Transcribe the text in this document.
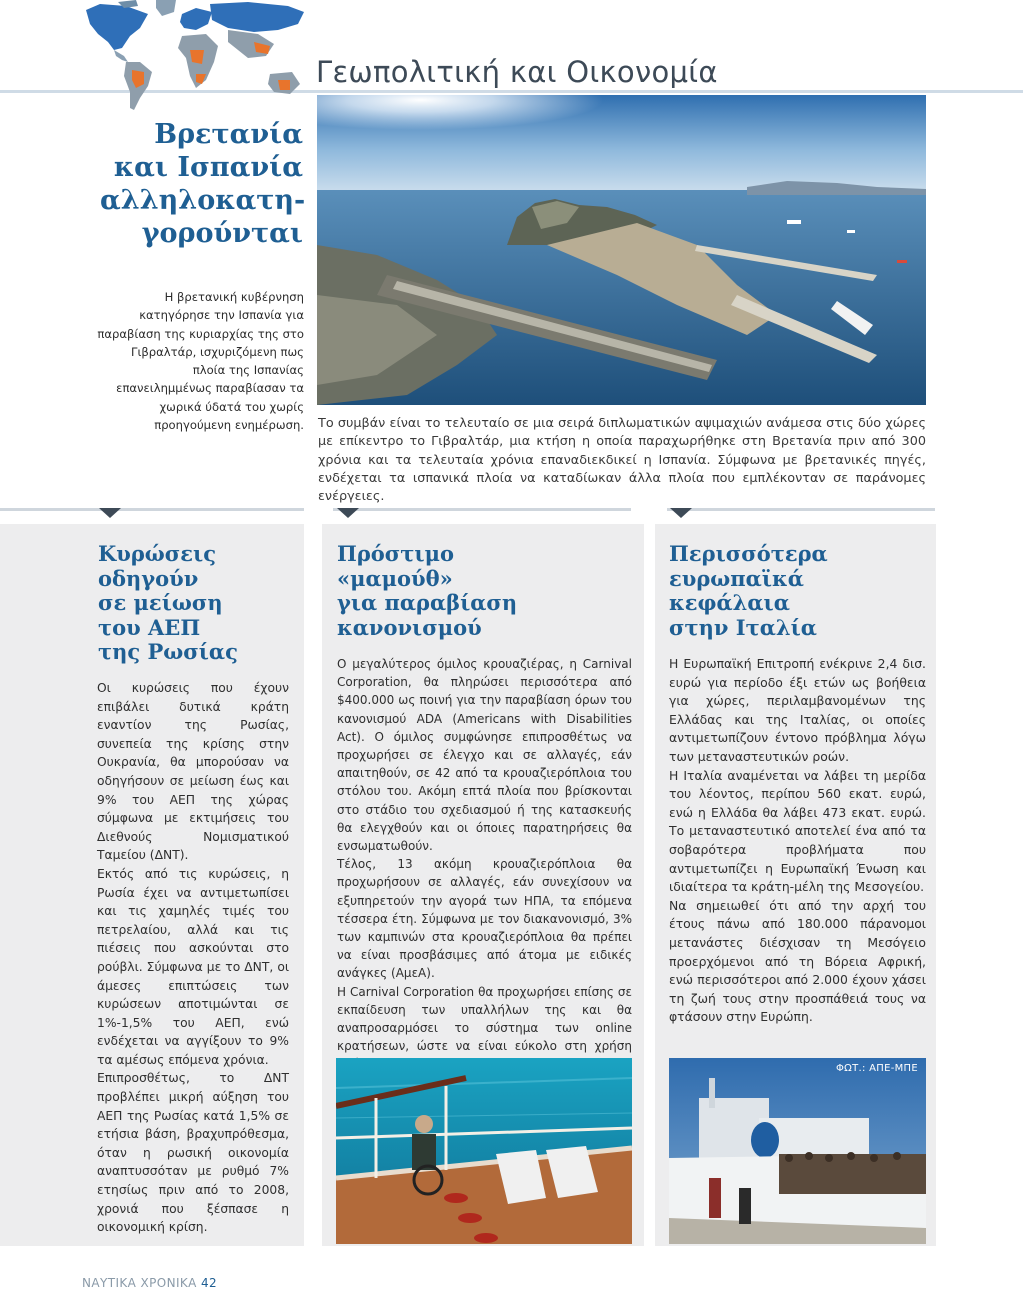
Γεωπολιτική και Οικονομία
Βρετανία
και Ισπανία
αλληλοκατη-
γορούνται
Η βρετανική κυβέρνηση κατηγόρησε την Ισπανία για παραβίαση της κυριαρχίας της στο Γιβραλτάρ, ισχυριζόμενη πως πλοία της Ισπανίας επανειλημμένως παραβίασαν τα χωρικά ύδατά του χωρίς προηγούμενη ενημέρωση. Το συμβάν είναι το τελευταίο σε μια σειρά διπλωματικών αψιμαχιών ανάμεσα στις δύο χώρες με επίκεντρο το Γιβραλτάρ, μια κτήση η οποία παραχωρήθηκε στη Βρετανία πριν από 300 χρόνια και τα τελευταία χρόνια επαναδιεκδικεί η Ισπανία. Σύμφωνα με βρετανικές πηγές, ενδέχεται τα ισπανικά πλοία να καταδίωκαν άλλα πλοία που εμπλέκονταν σε παράνομες ενέργειες.
Κυρώσεις
οδηγούν
σε μείωση
του ΑΕΠ
της Ρωσίας

Οι κυρώσεις που έχουν επιβάλει δυτικά κράτη εναντίον της Ρωσίας, συνεπεία της κρίσης στην Ουκρανία, θα μπορούσαν να οδηγήσουν σε μείωση έως και 9% του ΑΕΠ της χώρας σύμφωνα με εκτιμήσεις του Διεθνούς Νομισματικού Ταμείου (ΔΝΤ).

Εκτός από τις κυρώσεις, η Ρωσία έχει να αντιμετωπίσει και τις χαμηλές τιμές του πετρελαίου, αλλά και τις πιέσεις που ασκούνται στο ρούβλι. Σύμφωνα με το ΔΝΤ, οι άμεσες επιπτώσεις των κυρώσεων αποτιμώνται σε 1%-1,5% του ΑΕΠ, ενώ ενδέχεται να αγγίξουν το 9% τα αμέσως επόμενα χρόνια.

Επιπροσθέτως, το ΔΝΤ προβλέπει μικρή αύξηση του ΑΕΠ της Ρωσίας κατά 1,5% σε ετήσια βάση, βραχυπρόθεσμα, όταν η ρωσική οικονομία αναπτυσσόταν με ρυθμό 7% ετησίως πριν από το 2008, χρονιά που ξέσπασε η οικονομική κρίση.

Πρόστιμο
«μαμούθ»
για παραβίαση
κανονισμού

Ο μεγαλύτερος όμιλος κρουαζιέρας, η Carnival Corporation, θα πληρώσει περισσότερα από $400.000 ως ποινή για την παραβίαση όρων του κανονισμού ADA (Americans with Disabilities Act). Ο όμιλος συμφώνησε επιπροσθέτως να προχωρήσει σε έλεγχο και σε αλλαγές, εάν απαιτηθούν, σε 42 από τα κρουαζιερόπλοια του στόλου του. Ακόμη επτά πλοία που βρίσκονται στο στάδιο του σχεδιασμού ή της κατασκευής θα ελεγχθούν και οι όποιες παρατηρήσεις θα ενσωματωθούν.

Τέλος, 13 ακόμη κρουαζιερόπλοια θα προχωρήσουν σε αλλαγές, εάν συνεχίσουν να εξυπηρετούν την αγορά των ΗΠΑ, τα επόμενα τέσσερα έτη. Σύμφωνα με τον διακανονισμό, 3% των καμπινών στα κρουαζιερόπλοια θα πρέπει να είναι προσβάσιμες από άτομα με ειδικές ανάγκες (ΑμεΑ).

Η Carnival Corporation θα προχωρήσει επίσης σε εκπαίδευση των υπαλλήλων της και θα αναπροσαρμόσει το σύστημα των online κρατήσεων, ώστε να είναι εύκολο στη χρήση

Περισσότερα
ευρωπαϊκά
κεφάλαια
στην Ιταλία

Η Ευρωπαϊκή Επιτροπή ενέκρινε 2,4 δισ. ευρώ για περίοδο έξι ετών ως βοήθεια για χώρες, περιλαμβανομένων της Ελλάδας και της Ιταλίας, οι οποίες αντιμετωπίζουν έντονο πρόβλημα λόγω των μεταναστευτικών ροών.

Η Ιταλία αναμένεται να λάβει τη μερίδα του λέοντος, περίπου 560 εκατ. ευρώ, ενώ η Ελλάδα θα λάβει 473 εκατ. ευρώ. Το μεταναστευτικό αποτελεί ένα από τα σοβαρότερα προβλήματα που αντιμετωπίζει η Ευρωπαϊκή Ένωση και ιδιαίτερα τα κράτη-μέλη της Μεσογείου.

Να σημειωθεί ότι από την αρχή του έτους πάνω από 180.000 πάρανομοι μετανάστες διέσχισαν τη Μεσόγειο προερχόμενοι από τη Βόρεια Αφρική, ενώ περισσότεροι από 2.000 έχουν χάσει τη ζωή τους στην προσπάθειά τους να φτάσουν στην Ευρώπη.

ΦΩΤ.: ΑΠΕ-ΜΠΕ
ΝΑΥΤΙΚΑ ΧΡΟΝΙΚΑ 42
